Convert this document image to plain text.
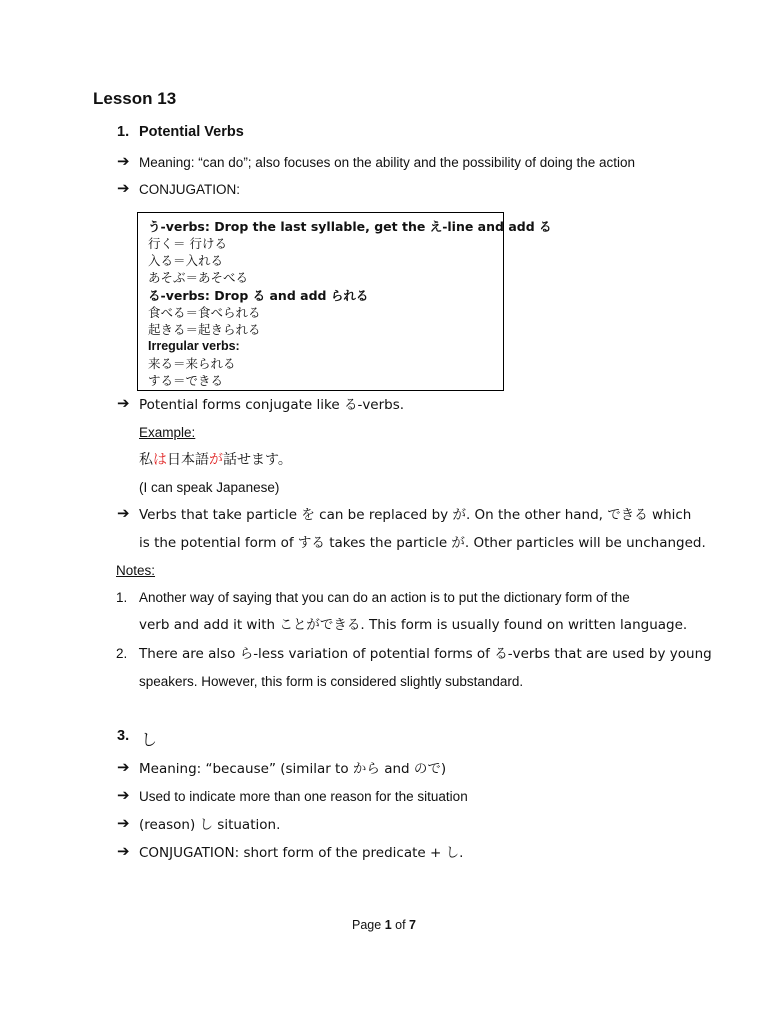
Lesson 13
1. Potential Verbs
➔ Meaning: “can do”; also focuses on the ability and the possibility of doing the action
➔ CONJUGATION:
う-verbs: Drop the last syllable, get the え-line and add る
行く＝ 行ける
入る＝入れる
あそぶ＝あそべる
る-verbs: Drop る and add られる
食べる＝食べられる
起きる＝起きられる
Irregular verbs:
来る＝来られる
する＝できる
➔ Potential forms conjugate like る-verbs.
Example:
私は日本語が話せます。
(I can speak Japanese)
➔ Verbs that take particle を can be replaced by が. On the other hand, できる which
is the potential form of する takes the particle が. Other particles will be unchanged.
Notes:
1. Another way of saying that you can do an action is to put the dictionary form of the
verb and add it with ことができる. This form is usually found on written language.
2. There are also ら-less variation of potential forms of る-verbs that are used by young
speakers. However, this form is considered slightly substandard.
3. し
➔ Meaning: “because” (similar to から and ので)
➔ Used to indicate more than one reason for the situation
➔ (reason) し situation.
➔ CONJUGATION: short form of the predicate + し.
Page 1 of 7
